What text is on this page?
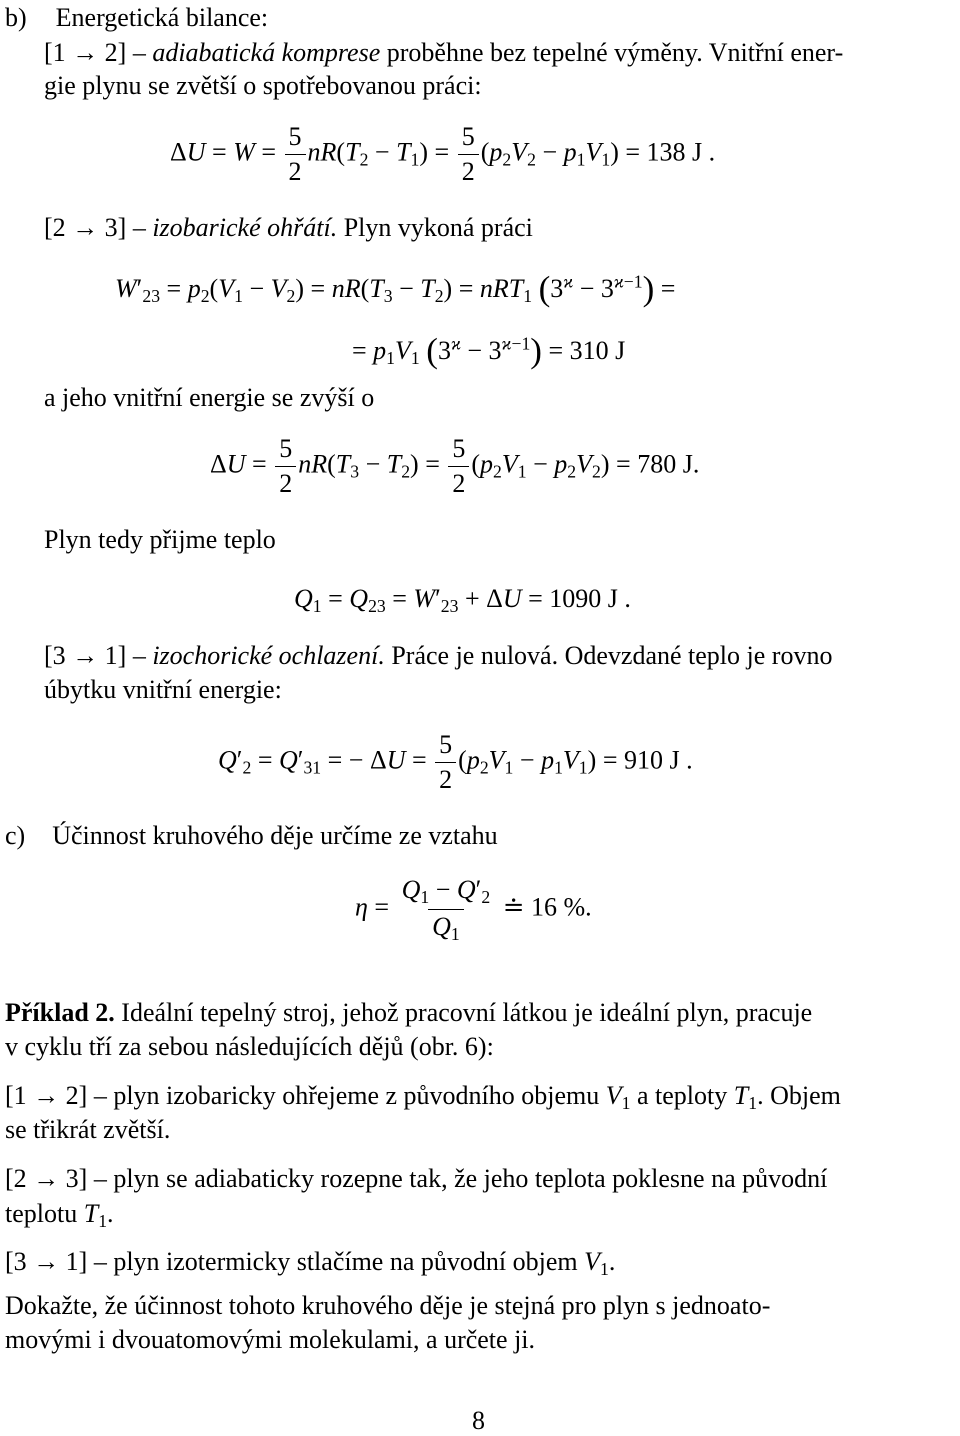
b) Energetická bilance:
[1 → 2] – adiabatická komprese proběhne bez tepelné výměny. Vnitřní ener-
gie plynu se zvětší o spotřebovanou práci:
$\Delta U = W = \frac{5}{2} nR(T_2 - T_1) = \frac{5}{2} (p_2V_2 - p_1V_1) = 138$ J .
[2 → 3] – izobarické ohřátí. Plyn vykoná práci
$W'_{23} = p_2(V_1 - V_2) = nR(T_3 - T_2) = nRT_1$ $(3^ϰ - 3^{ϰ-1})$ =
= $p_1V_1$ $(3^ϰ - 3^{ϰ-1}) = 310$ J
a jeho vnitřní energie se zvýší o
$\Delta U = \frac{5}{2} nR(T_3 - T_2) = \frac{5}{2} (p_2V_1 - p_2V_2) = 780$ J.
Plyn tedy přijme teplo
$Q_1 = Q_{23} = W'_{23} + \Delta U = 1090$ J .
[3 → 1] – izochorické ochlazení. Práce je nulová. Odevzdané teplo je rovno
úbytku vnitřní energie:
$Q'_2 = Q'_{31}$ = − $\Delta U = \frac{5}{2} (p_2V_1 - p_1V_1) = 910$ J .
c) Účinnost kruhového děje určíme ze vztahu
$\eta = \frac{Q_1 - Q'_2}{Q_1}$ ≐ 16 %.
Příklad 2. Ideální tepelný stroj, jehož pracovní látkou je ideální plyn, pracuje
v cyklu tří za sebou následujících dějů (obr. 6):
[1 → 2] – plyn izobaricky ohřejeme z původního objemu $V_1$ a teploty $T_1$. Objem
se třikrát zvětší.
[2 → 3] – plyn se adiabaticky rozepne tak, že jeho teplota poklesne na původní
teplotu $T_1$.
[3 → 1] – plyn izotermicky stlačíme na původní objem $V_1$.
Dokažte, že účinnost tohoto kruhového děje je stejná pro plyn s jednoato-
movými i dvouatomovými molekulami, a určete ji.
8
